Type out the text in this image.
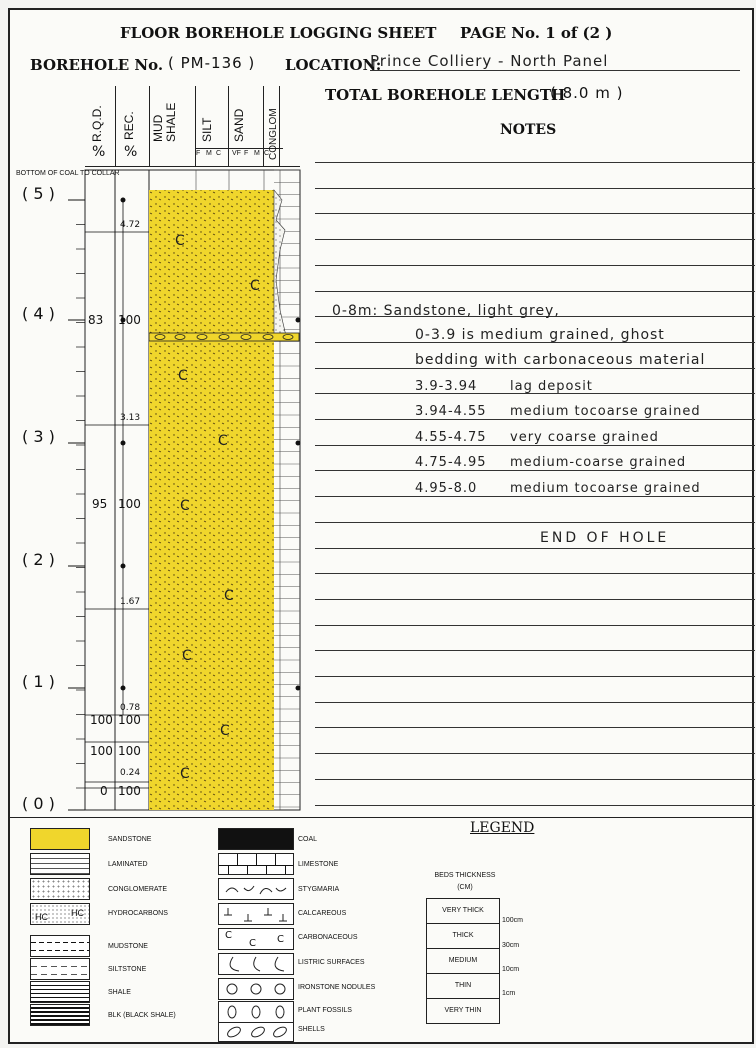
FLOOR BOREHOLE LOGGING SHEET PAGE No. 1 of (2 )
BOREHOLE No. ( PM-136 ) LOCATION:
Prince Colliery - North Panel
TOTAL BOREHOLE LENGTH
( 8.0 m )
NOTES
R.Q.D. REC.
% %
MUD SHALE SILT SAND CONGLOM
F M C VF F M C
BOTTOM OF COAL TO COLLAR
C
C
C
C
C
C
C
C
C
( 5 )
( 4 )
( 3 )
( 2 )
( 1 )
( 0 )
83 100
95 100
100 100
100 100
0 100
4.72
3.13
1.67
0.78
0.24
0-8m: Sandstone, light grey,
0-3.9 is medium grained, ghost
bedding with carbonaceous material
3.9-3.94	lag deposit
3.94-4.55 medium tocoarse grained
4.55-4.75 very coarse grained
4.75-4.95 medium-coarse grained
4.95-8.0	medium tocoarse grained
END OF HOLE
LEGEND
HC	HC
SANDSTONE
LAMINATED
CONGLOMERATE
HYDROCARBONS
MUDSTONE
SILTSTONE
SHALE
BLK (BLACK SHALE)
C
C C
COAL
LIMESTONE
STYGMARIA
CALCAREOUS
CARBONACEOUS
LISTRIC SURFACES
IRONSTONE NODULES
PLANT FOSSILS
SHELLS
BEDS THICKNESS (CM)
VERY THICK
THICK
MEDIUM
THIN
VERY THIN
100cm
30cm
10cm
1cm
